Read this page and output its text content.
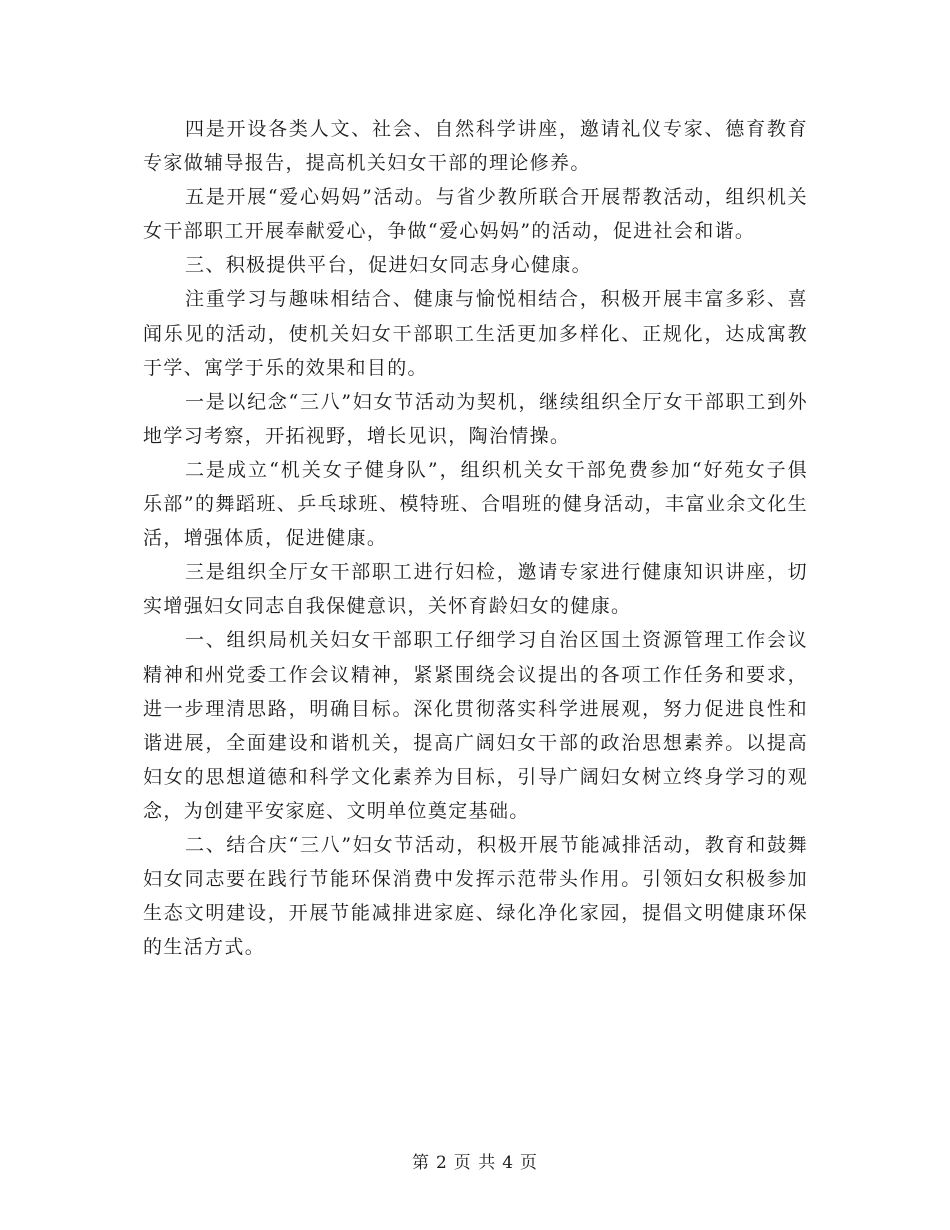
四是开设各类人文、社会、自然科学讲座，邀请礼仪专家、德育教育专家做辅导报告，提高机关妇女干部的理论修养。

五是开展“爱心妈妈”活动。与省少教所联合开展帮教活动，组织机关女干部职工开展奉献爱心，争做“爱心妈妈”的活动，促进社会和谐。

三、积极提供平台，促进妇女同志身心健康。

注重学习与趣味相结合、健康与愉悦相结合，积极开展丰富多彩、喜闻乐见的活动，使机关妇女干部职工生活更加多样化、正规化，达成寓教于学、寓学于乐的效果和目的。

一是以纪念“三八”妇女节活动为契机，继续组织全厅女干部职工到外地学习考察，开拓视野，增长见识，陶治情操。

二是成立“机关女子健身队”，组织机关女干部免费参加“好苑女子俱乐部”的舞蹈班、乒乓球班、模特班、合唱班的健身活动，丰富业余文化生活，增强体质，促进健康。

三是组织全厅女干部职工进行妇检，邀请专家进行健康知识讲座，切实增强妇女同志自我保健意识，关怀育龄妇女的健康。

一、组织局机关妇女干部职工仔细学习自治区国土资源管理工作会议精神和州党委工作会议精神，紧紧围绕会议提出的各项工作任务和要求，进一步理清思路，明确目标。深化贯彻落实科学进展观，努力促进良性和谐进展，全面建设和谐机关，提高广阔妇女干部的政治思想素养。以提高妇女的思想道德和科学文化素养为目标，引导广阔妇女树立终身学习的观念，为创建平安家庭、文明单位奠定基础。

二、结合庆“三八”妇女节活动，积极开展节能减排活动，教育和鼓舞妇女同志要在践行节能环保消费中发挥示范带头作用。引领妇女积极参加生态文明建设，开展节能减排进家庭、绿化净化家园，提倡文明健康环保的生活方式。

第 2 页 共 4 页
